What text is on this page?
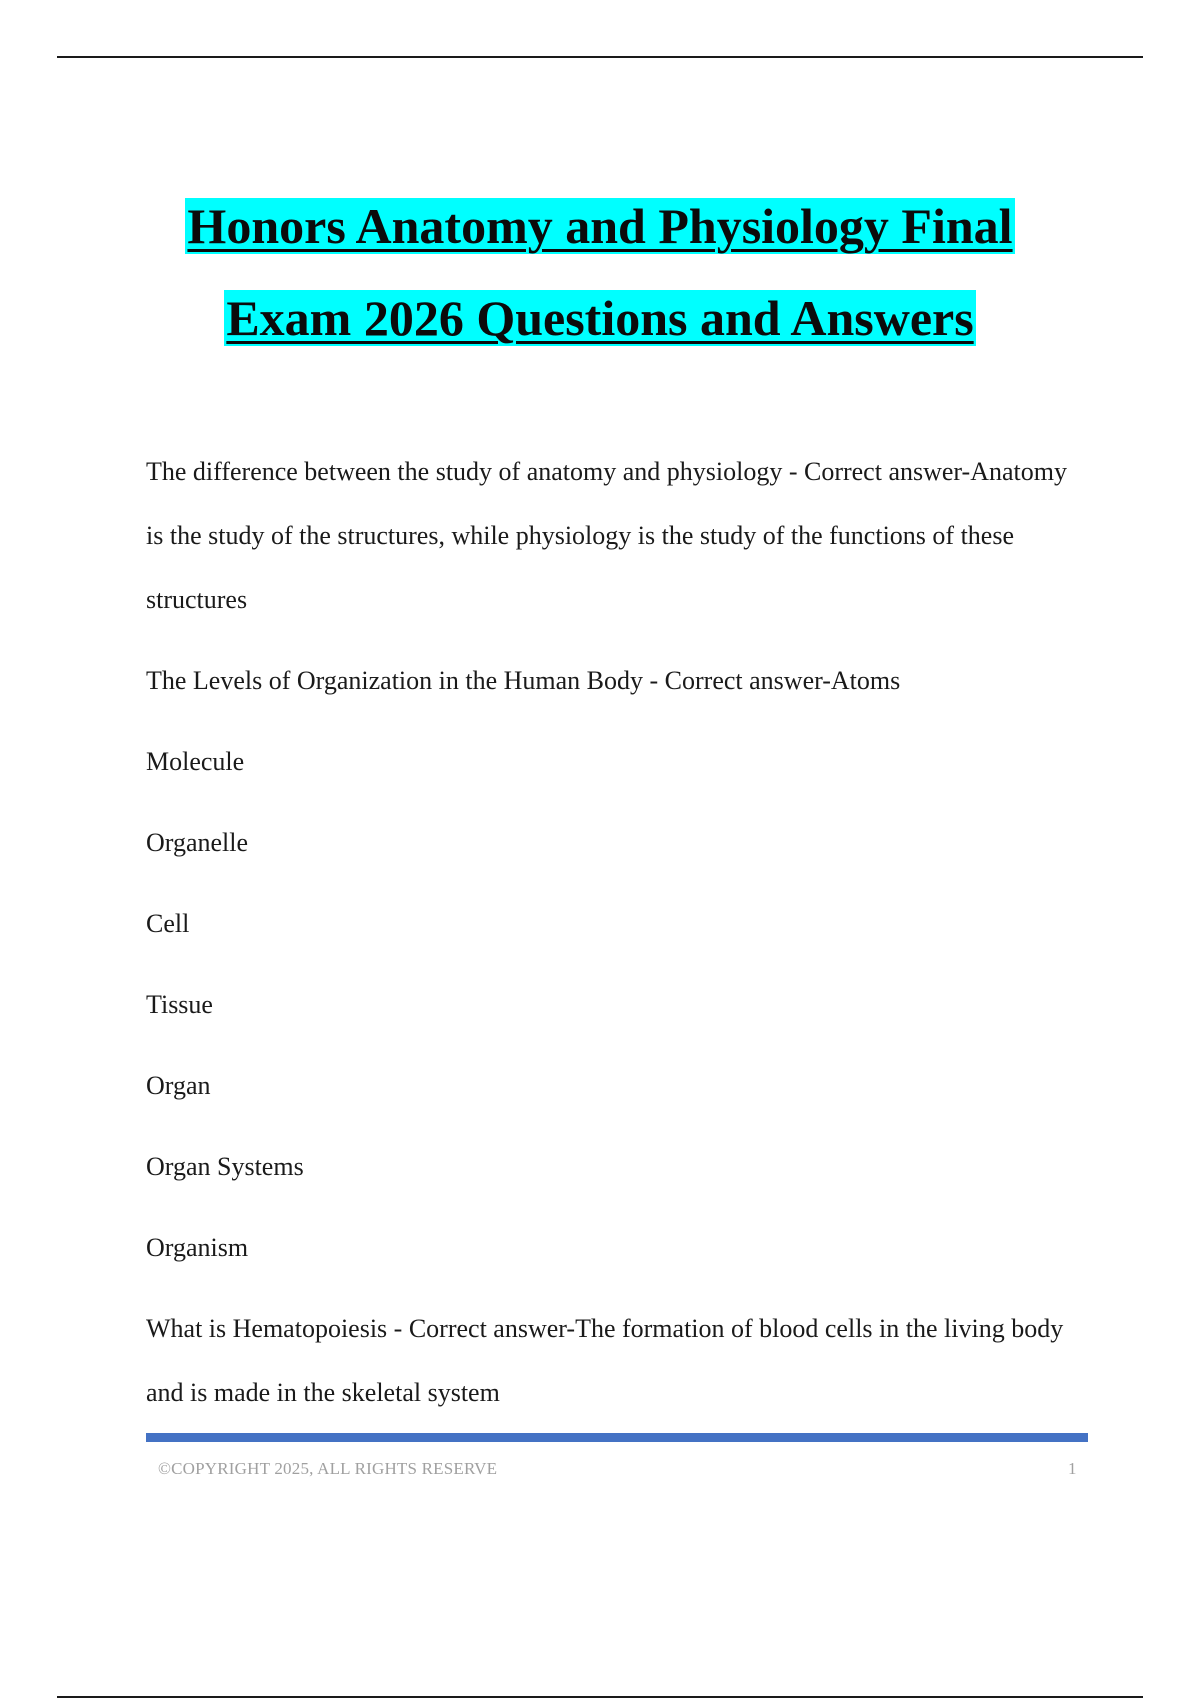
Honors Anatomy and Physiology Final
Exam 2026 Questions and Answers
The difference between the study of anatomy and physiology - Correct answer-Anatomy is the study of the structures, while physiology is the study of the functions of these structures
The Levels of Organization in the Human Body - Correct answer-Atoms
Molecule
Organelle
Cell
Tissue
Organ
Organ Systems
Organism
What is Hematopoiesis - Correct answer-The formation of blood cells in the living body and is made in the skeletal system
©COPYRIGHT 2025, ALL RIGHTS RESERVE	1
